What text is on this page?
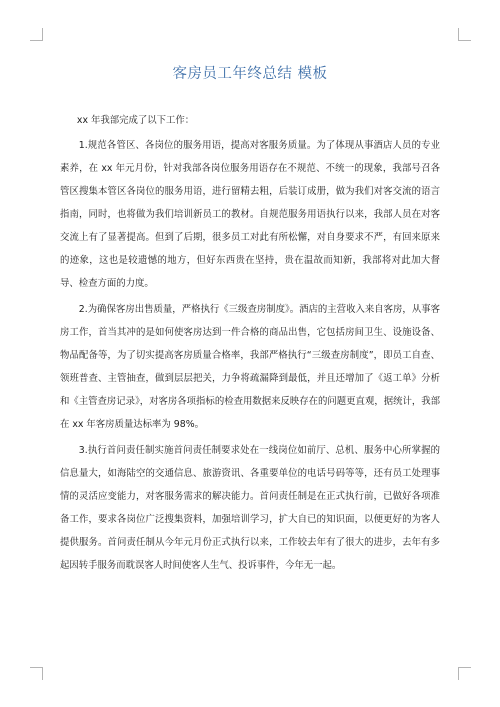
客房员工年终总结 模板

xx 年我部完成了以下工作：

1.规范各管区、各岗位的服务用语，提高对客服务质量。为了体现从事酒店人员的专业素养，在 xx 年元月份，针对我部各岗位服务用语存在不规范、不统一的现象，我部号召各管区搜集本管区各岗位的服务用语，进行留精去粗，后装订成册，做为我们对客交流的语言指南，同时，也将做为我们培训新员工的教材。自规范服务用语执行以来，我部人员在对客交流上有了显著提高。但到了后期，很多员工对此有所松懈，对自身要求不严，有回来原来的迹象，这也是较遗憾的地方，但好东西贵在坚持，贵在温故而知新，我部将对此加大督导、检查方面的力度。

2.为确保客房出售质量，严格执行《三级查房制度》。酒店的主营收入来自客房，从事客房工作，首当其冲的是如何使客房达到一件合格的商品出售，它包括房间卫生、设施设备、物品配备等，为了切实提高客房质量合格率，我部严格执行“三级查房制度”，即员工自查、领班普查、主管抽查，做到层层把关，力争将疏漏降到最低，并且还增加了《返工单》分析和《主管查房记录》，对客房各项指标的检查用数据来反映存在的问题更直观，据统计，我部在 xx 年客房质量达标率为 98%。

3.执行首问责任制实施首问责任制要求处在一线岗位如前厅、总机、服务中心所掌握的信息量大，如海陆空的交通信息、旅游资讯、各重要单位的电话号码等等，还有员工处理事情的灵活应变能力，对客服务需求的解决能力。首问责任制是在正式执行前，已做好各项准备工作，要求各岗位广泛搜集资料，加强培训学习，扩大自已的知识面，以便更好的为客人提供服务。首问责任制从今年元月份正式执行以来，工作较去年有了很大的进步，去年有多起因转手服务而耽误客人时间使客人生气、投诉事件，今年无一起。
